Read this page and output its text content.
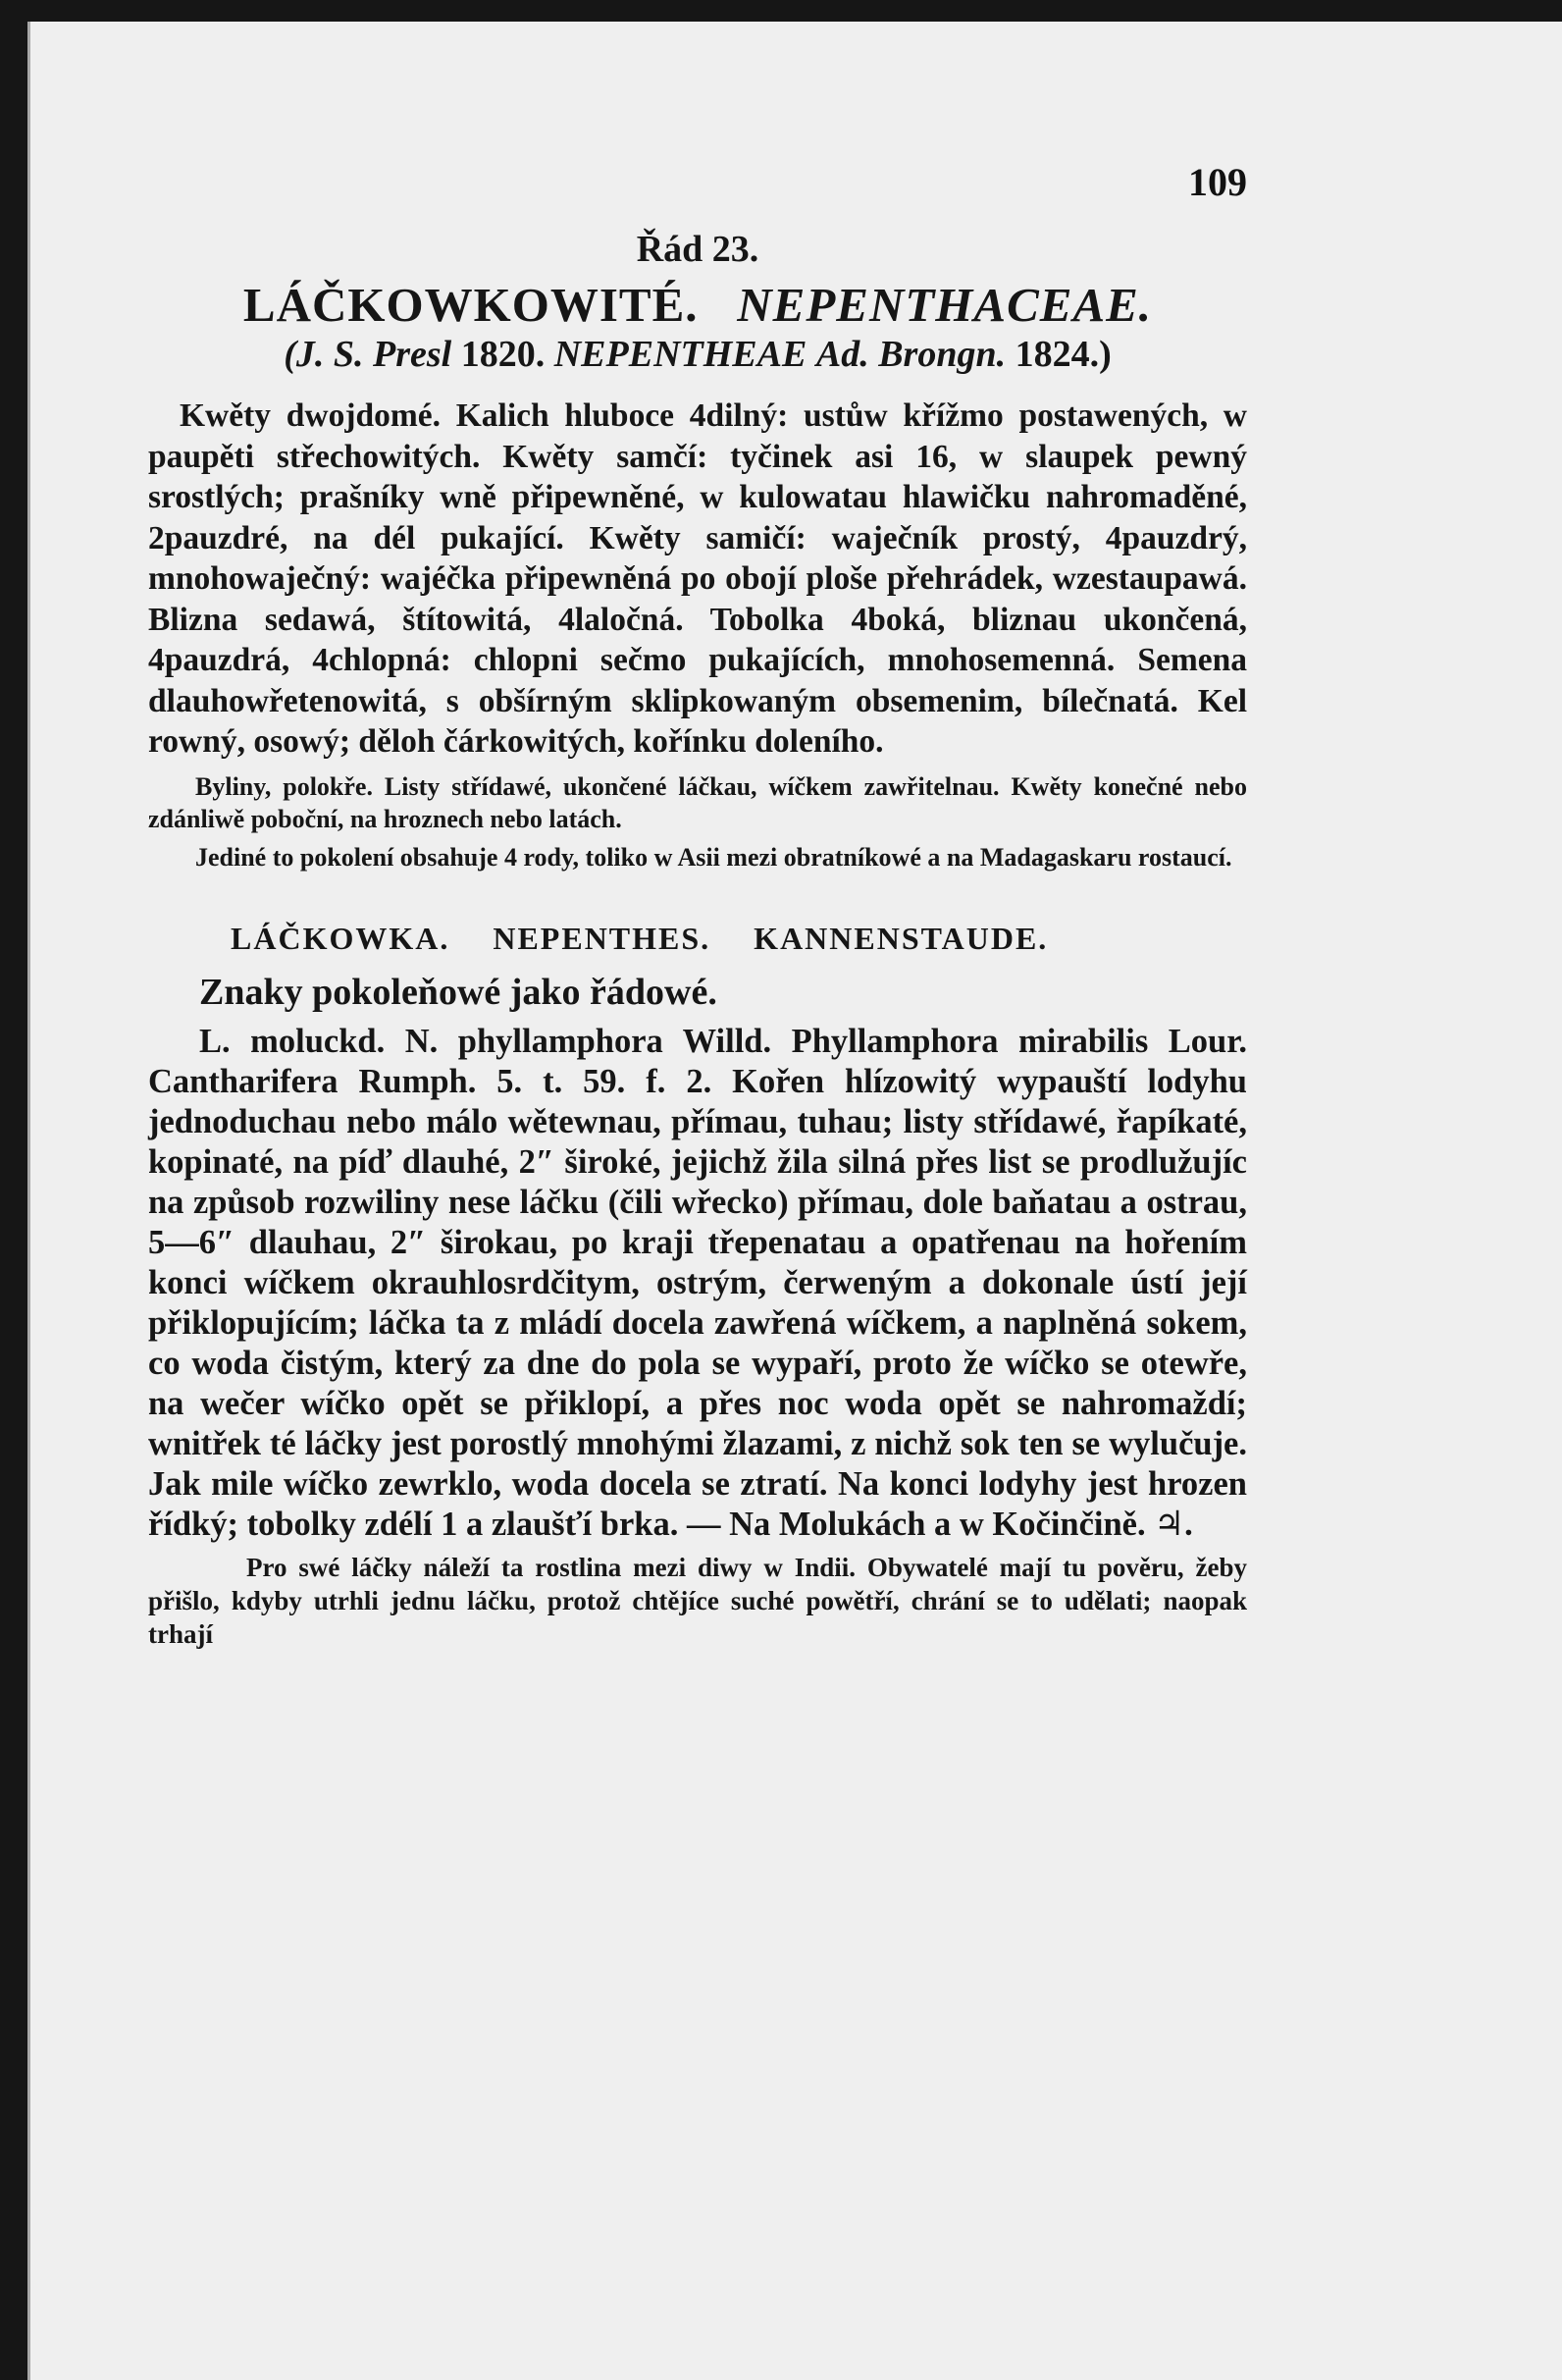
109
Řád 23.
LÁČKOWKOWITÉ. NEPENTHACEAE.
(J. S. Presl 1820. NEPENTHEAE Ad. Brongn. 1824.)

Kwěty dwojdomé. Kalich hluboce 4dilný: ustůw křížmo postawených, w paupěti střechowitých. Kwěty samčí: tyčinek asi 16, w slaupek pewný srostlých; prašníky wně připewněné, w kulowatau hlawičku nahromaděné, 2pauzdré, na dél pukající. Kwěty samičí: waječník prostý, 4pauzdrý, mnohowaječný: wajéčka připewněná po obojí ploše přehrádek, wzestaupawá. Blizna sedawá, štítowitá, 4laločná. Tobolka 4boká, bliznau ukončená, 4pauzdrá, 4chlopná: chlopni sečmo pukajících, mnohosemenná. Semena dlauhowřetenowitá, s obšírným sklipkowaným obsemenim, bílečnatá. Kel rowný, osowý; děloh čárkowitých, kořínku doleního.

Byliny, polokře. Listy střídawé, ukončené láčkau, wíčkem zawřitelnau. Kwěty konečné nebo zdánliwě poboční, na hroznech nebo latách.

Jediné to pokolení obsahuje 4 rody, toliko w Asii mezi obratníkowé a na Madagaskaru rostaucí.

LÁČKOWKA. NEPENTHES. KANNENSTAUDE.
Znaky pokoleňowé jako řádowé.

L. moluckd. N. phyllamphora Willd. Phyllamphora mirabilis Lour. Cantharifera Rumph. 5. t. 59. f. 2. Kořen hlízowitý wypauští lodyhu jednoduchau nebo málo wětewnau, přímau, tuhau; listy střídawé, řapíkaté, kopinaté, na píď dlauhé, 2″ široké, jejichž žila silná přes list se prodlužujíc na způsob rozwiliny nese láčku (čili wřecko) přímau, dole baňatau a ostrau, 5—6″ dlauhau, 2″ širokau, po kraji třepenatau a opatřenau na hořením konci wíčkem okrauhlosrdčitym, ostrým, čerweným a dokonale ústí její přiklopujícím; láčka ta z mládí docela zawřená wíčkem, a naplněná sokem, co woda čistým, který za dne do pola se wypaří, proto že wíčko se otewře, na wečer wíčko opět se přiklopí, a přes noc woda opět se nahromaždí; wnitřek té láčky jest porostlý mnohými žlazami, z nichž sok ten se wylučuje. Jak mile wíčko zewrklo, woda docela se ztratí. Na konci lodyhy jest hrozen řídký; tobolky zdélí 1 a zlaušťí brka. — Na Molukách a w Kočinčině. ♃.

Pro swé láčky náleží ta rostlina mezi diwy w Indii. Obywatelé mají tu pověru, žeby přišlo, kdyby utrhli jednu láčku, protož chtějíce suché powětří, chrání se to udělati; naopak trhají
